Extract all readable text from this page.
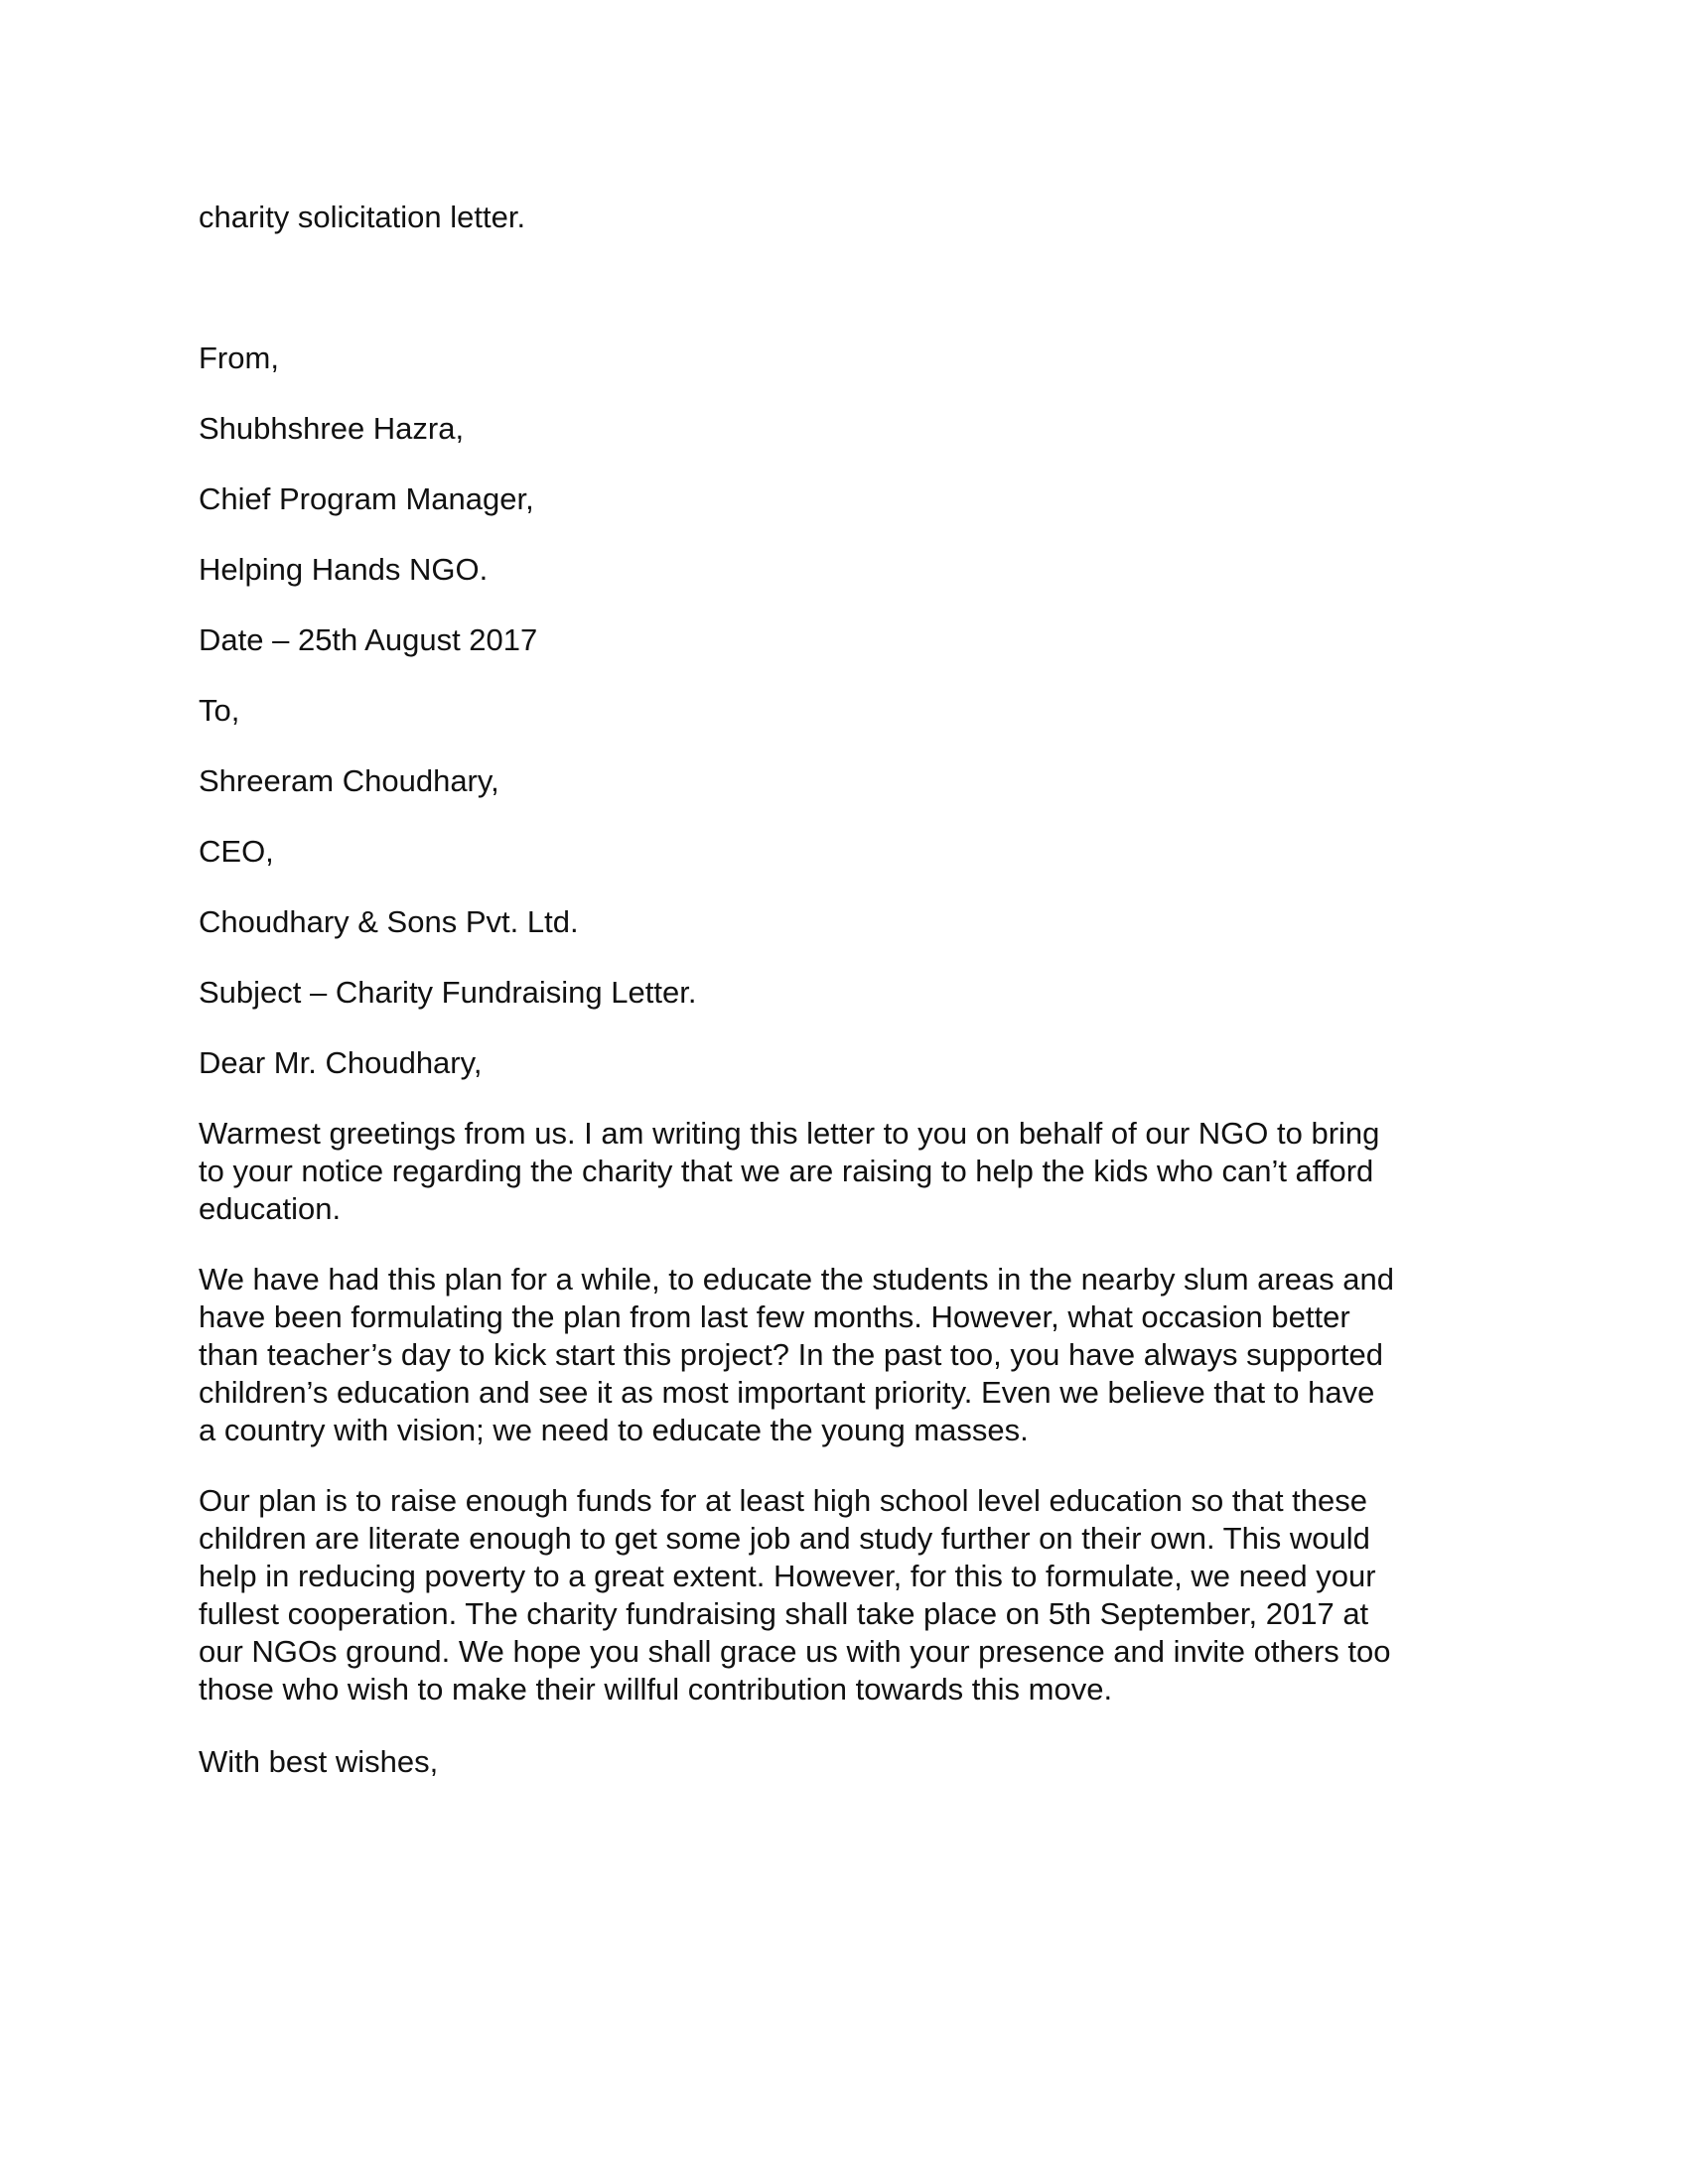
charity solicitation letter.

From,

Shubhshree Hazra,

Chief Program Manager,

Helping Hands NGO.

Date – 25th August 2017

To,

Shreeram Choudhary,

CEO,

Choudhary & Sons Pvt. Ltd.

Subject – Charity Fundraising Letter.

Dear Mr. Choudhary,

Warmest greetings from us. I am writing this letter to you on behalf of our NGO to bring
to your notice regarding the charity that we are raising to help the kids who can’t afford
education.
We have had this plan for a while, to educate the students in the nearby slum areas and
have been formulating the plan from last few months. However, what occasion better
than teacher’s day to kick start this project? In the past too, you have always supported
children’s education and see it as most important priority. Even we believe that to have
a country with vision; we need to educate the young masses.
Our plan is to raise enough funds for at least high school level education so that these
children are literate enough to get some job and study further on their own. This would
help in reducing poverty to a great extent. However, for this to formulate, we need your
fullest cooperation. The charity fundraising shall take place on 5th September, 2017 at
our NGOs ground. We hope you shall grace us with your presence and invite others too
those who wish to make their willful contribution towards this move.

With best wishes,
